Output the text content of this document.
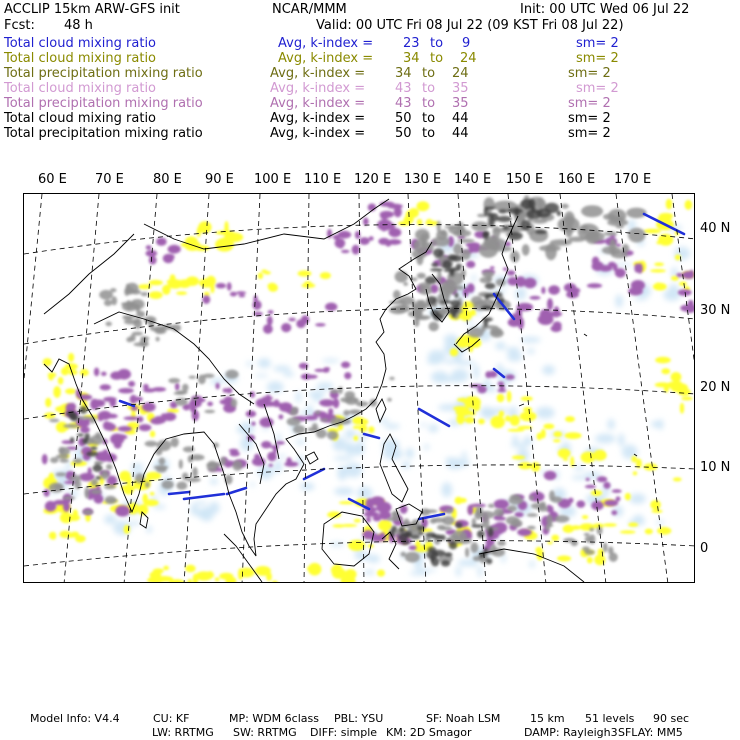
ACCLIP 15km ARW-GFS init	NCAR/MMM	Init: 00 UTC Wed 06 Jul 22
Fcst: 48 h	Valid: 00 UTC Fri 08 Jul 22 (09 KST Fri 08 Jul 22)
Total cloud mixing ratio	Avg, k-index = 23 to 9	sm= 2
Total cloud mixing ratio	Avg, k-index = 34 to 24	sm= 2
Total precipitation mixing ratio	Avg, k-index = 34 to 24	sm= 2
Total cloud mixing ratio	Avg, k-index = 43 to 35	sm= 2
Total precipitation mixing ratio	Avg, k-index = 43 to 35	sm= 2
Total cloud mixing ratio	Avg, k-index = 50 to 44	sm= 2
Total precipitation mixing ratio	Avg, k-index = 50 to 44	sm= 2
60 E 70 E 80 E 90 E 100 E 110 E 120 E 130 E 140 E 150 E 160 E 170 E
40 N
30 N
20 N
10 N
0
Model Info: V4.4	CU: KF	MP: WDM 6class PBL: YSU	SF: Noah LSM	15 km 51 levels 90 sec
LW: RRTMG SW: RRTMG DIFF: simple KM: 2D Smagor	DAMP: Rayleigh3 SFLAY: MM5
